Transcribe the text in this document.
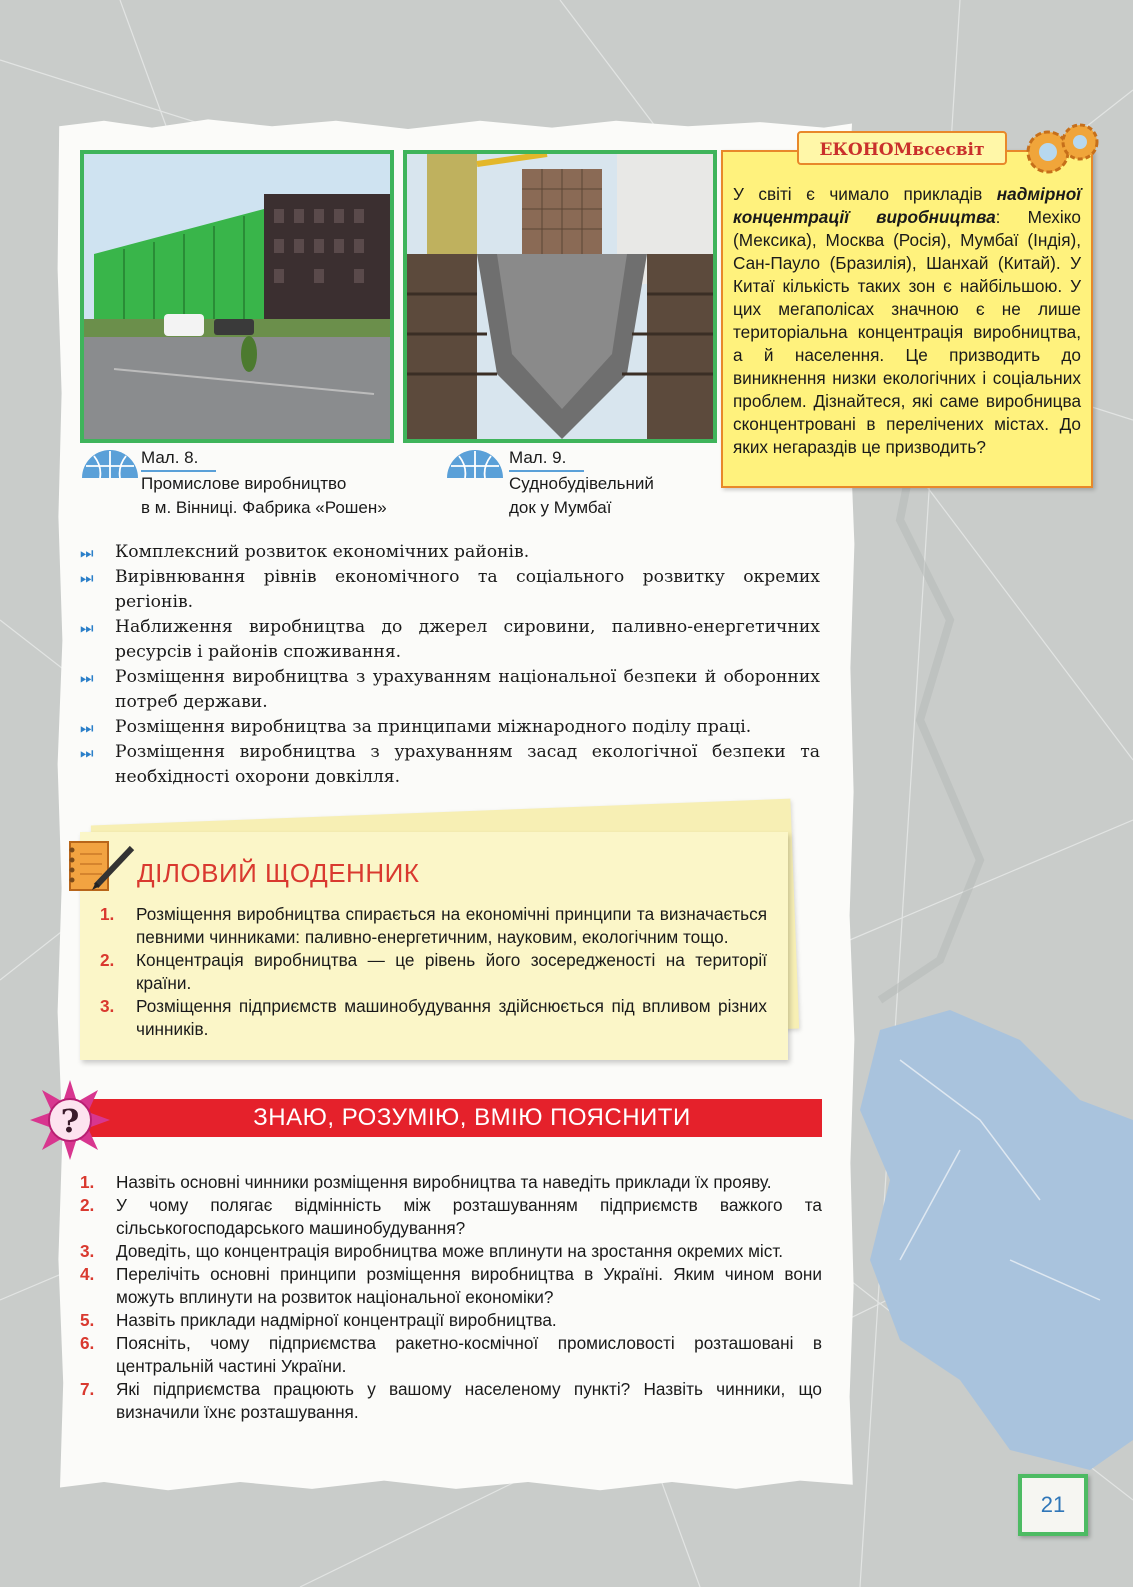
Мал. 8.
Промислове виробництво
в м. Вінниці. Фабрика «Рошен»
Мал. 9.
Суднобудівельний
док у Мумбаї
ЕКОНОМвсесвіт
У світі є чимало прикладів надмірної концентрації виробництва: Мехіко (Мексика), Москва (Росія), Мумбаї (Індія), Сан-Пауло (Бразилія), Шанхай (Китай). У Китаї кількість таких зон є найбільшою. У цих мегаполісах значною є не лише територіальна концентрація виробництва, а й населення. Це призводить до виникнення низки екологічних і соціальних проблем. Дізнайтеся, які саме виробницва сконцентровані в перелічених містах. До яких негараздів це призводить?
⏭ Комплексний розвиток економічних районів.
⏭ Вирівнювання рівнів економічного та соціального розвитку окремих регіонів.
⏭ Наближення виробництва до джерел сировини, паливно-енергетичних ресурсів і районів споживання.
⏭ Розміщення виробництва з урахуванням національної безпеки й оборонних потреб держави.
⏭ Розміщення виробництва за принципами міжнародного поділу праці.
⏭ Розміщення виробництва з урахуванням засад екологічної безпеки та необхідності охорони довкілля.
ДІЛОВИЙ ЩОДЕННИК
1. Розміщення виробництва спирається на економічні принципи та визначається певними чинниками: паливно-енергетичним, науковим, екологічним тощо.
2. Концентрація виробництва — це рівень його зосередженості на території країни.
3. Розміщення підприємств машинобудування здійснюється під впливом різних чинників.
ЗНАЮ, РОЗУМІЮ, ВМІЮ ПОЯСНИТИ
?
1. Назвіть основні чинники розміщення виробництва та наведіть приклади їх прояву.
2. У чому полягає відмінність між розташуванням підприємств важкого та сільськогосподарського машинобудування?
3. Доведіть, що концентрація виробництва може вплинути на зростання окремих міст.
4. Перелічіть основні принципи розміщення виробництва в Україні. Яким чином вони можуть вплинути на розвиток національної економіки?
5. Назвіть приклади надмірної концентрації виробництва.
6. Поясніть, чому підприємства ракетно-космічної промисловості розташовані в центральній частині України.
7. Які підприємства працюють у вашому населеному пункті? Назвіть чинники, що визначили їхнє розташування.
21
